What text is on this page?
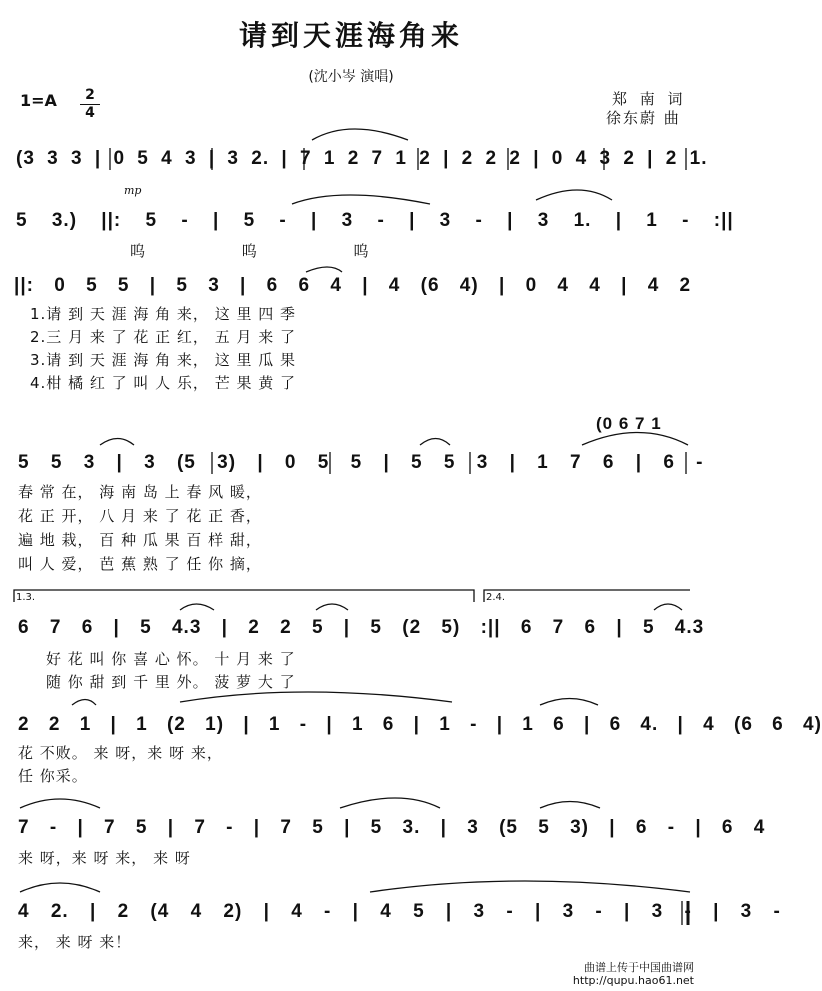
请到天涯海角来
(沈小岑 演唱)
1=A	2
4
郑 南 词
徐东蔚 曲
(3 3 3 | 0 5 4 3 | 3 2. | 7 1 2 7 1 2 | 2 2 2 | 0 4 3 2 | 2 1.
mp
5 3.) ||: 5 - | 5 - | 3 - | 3 - | 3 1. | 1 - :||
呜 呜 呜
||: 0 5 5 | 5 3 | 6 6 4 | 4 (6 4) | 0 4 4 | 4 2
1.请 到 天 涯 海 角 来， 这 里 四 季
2.三 月 来 了 花 正 红， 五 月 来 了
3.请 到 天 涯 海 角 来， 这 里 瓜 果
4.柑 橘 红 了 叫 人 乐， 芒 果 黄 了
(0 6 7 1
5 5 3 | 3 (5 3) | 0 5 5 | 5 5 3 | 1 7 6 | 6 -
春 常 在， 海 南 岛 上 春 风 暖，
花 正 开， 八 月 来 了 花 正 香，
遍 地 栽， 百 种 瓜 果 百 样 甜，
叫 人 爱， 芭 蕉 熟 了 任 你 摘，
1.3.	2.4.
6 7 6 | 5 4.3 | 2 2 5 | 5 (2 5) :|| 6 7 6 | 5 4.3
好 花 叫 你 喜 心 怀。 十 月 来 了
随 你 甜 到 千 里 外。 菠 萝 大 了
2 2 1 | 1 (2 1) | 1 - | 1 6 | 1 - | 1 6 | 6 4. | 4 (6 6 4)
花 不败。 来 呀，来 呀 来，
任 你采。
7 - | 7 5 | 7 - | 7 5 | 5 3. | 3 (5 5 3) | 6 - | 6 4
来 呀，来 呀 来， 来 呀
4 2. | 2 (4 4 2) | 4 - | 4 5 | 3 - | 3 - | 3 - | 3 -
来， 来 呀 来！
曲谱上传于中国曲谱网
http://qupu.hao61.net
